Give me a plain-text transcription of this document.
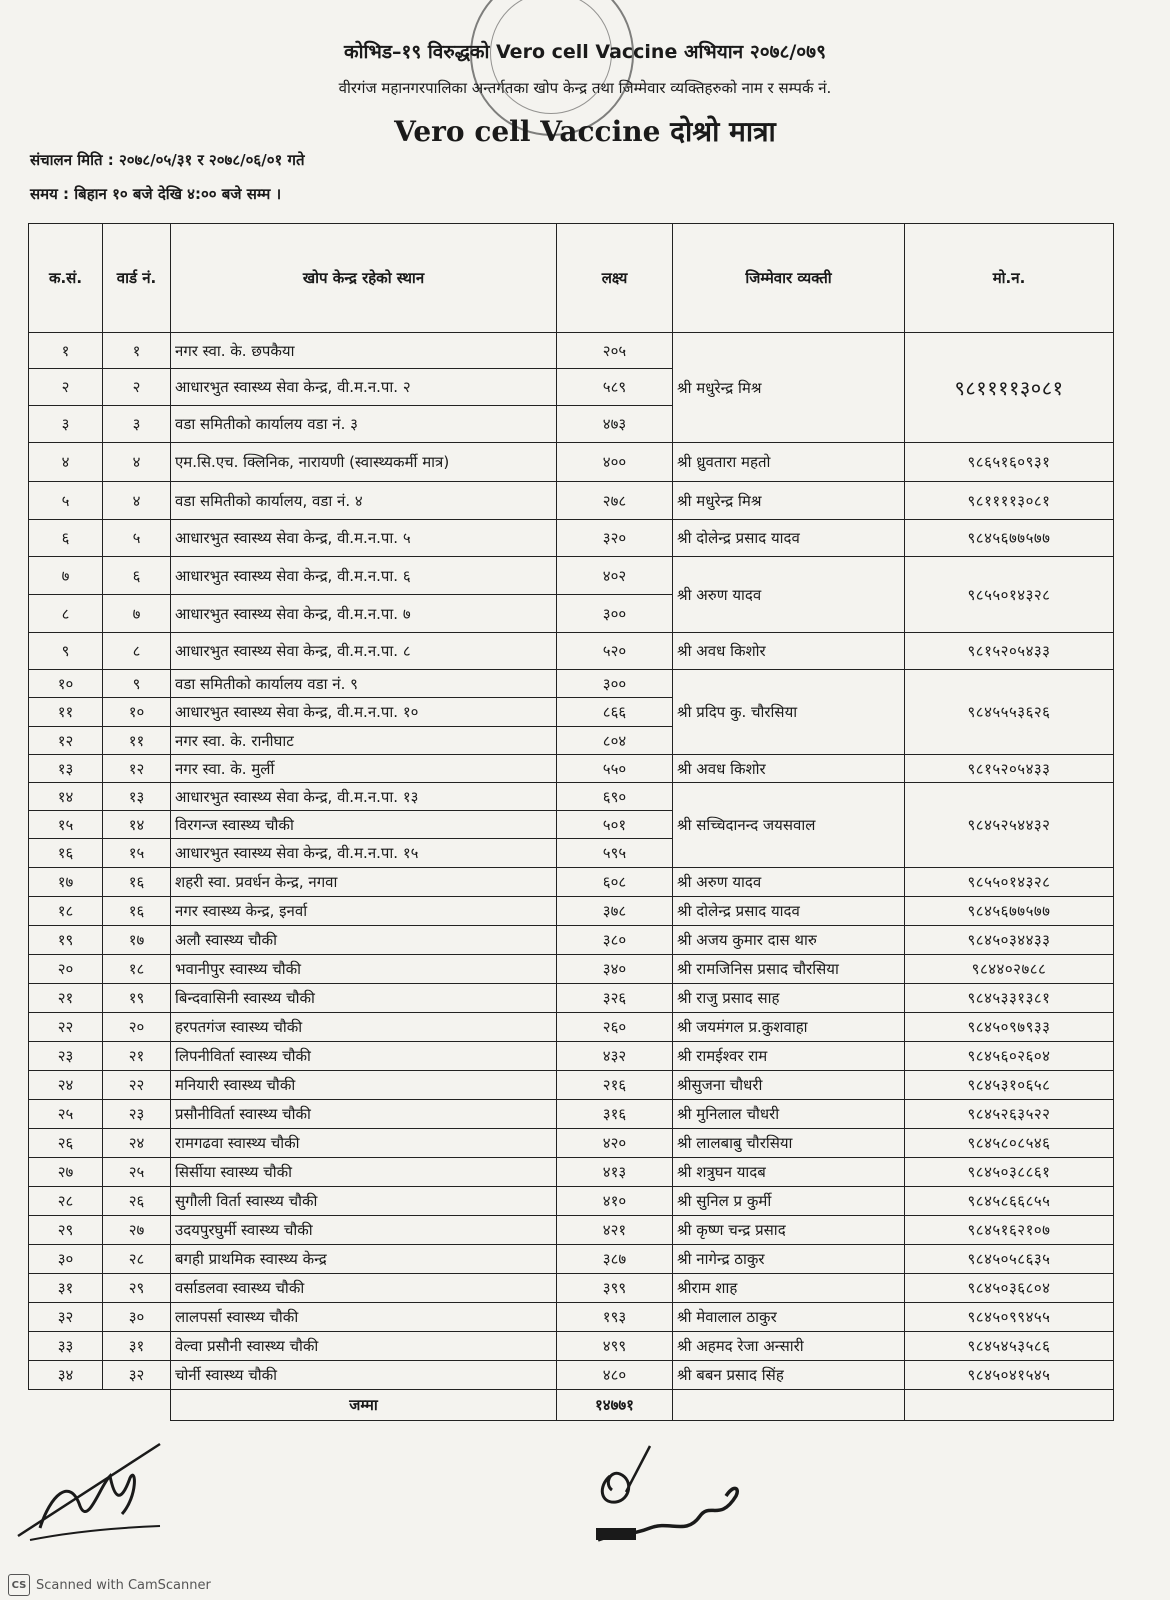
कोभिड–१९ विरुद्धको Vero cell Vaccine अभियान २०७८/०७९
वीरगंज महानगरपालिका अन्तर्गतका खोप केन्द्र तथा जिम्मेवार व्यक्तिहरुको नाम र सम्पर्क नं.
Vero cell Vaccine दोश्रो मात्रा
संचालन मिति : २०७८/०५/३१ र २०७८/०६/०१ गते
समय : बिहान १० बजे देखि ४:०० बजे सम्म ।
क.सं.	वार्ड नं.	खोप केन्द्र रहेको स्थान	लक्ष्य	जिम्मेवार व्यक्ती	मो.न.
१	१	नगर स्वा. के. छपकैया	२०५	श्री मधुरेन्द्र मिश्र	९८११११३०८१
२	२	आधारभुत स्वास्थ्य सेवा केन्द्र, वी.म.न.पा. २	५८९		
३	३	वडा समितीको कार्यालय वडा नं. ३	४७३		
४	४	एम.सि.एच. क्लिनिक, नारायणी (स्वास्थ्यकर्मी मात्र)	४००	श्री ध्रुवतारा महतो	९८६५१६०९३१
५	४	वडा समितीको कार्यालय, वडा नं. ४	२७८	श्री मधुरेन्द्र मिश्र	९८११११३०८१
६	५	आधारभुत स्वास्थ्य सेवा केन्द्र, वी.म.न.पा. ५	३२०	श्री दोलेन्द्र प्रसाद यादव	९८४५६७७५७७
७	६	आधारभुत स्वास्थ्य सेवा केन्द्र, वी.म.न.पा. ६	४०२	श्री अरुण यादव	९८५५०१४३२८
८	७	आधारभुत स्वास्थ्य सेवा केन्द्र, वी.म.न.पा. ७	३००		
९	८	आधारभुत स्वास्थ्य सेवा केन्द्र, वी.म.न.पा. ८	५२०	श्री अवध किशोर	९८१५२०५४३३
१०	९	वडा समितीको कार्यालय वडा नं. ९	३००	श्री प्रदिप कु. चौरसिया	९८४५५५३६२६
११	१०	आधारभुत स्वास्थ्य सेवा केन्द्र, वी.म.न.पा. १०	८६६		
१२	११	नगर स्वा. के. रानीघाट	८०४		
१३	१२	नगर स्वा. के. मुर्ली	५५०	श्री अवध किशोर	९८१५२०५४३३
१४	१३	आधारभुत स्वास्थ्य सेवा केन्द्र, वी.म.न.पा. १३	६९०	श्री सच्चिदानन्द जयसवाल	९८४५२५४४३२
१५	१४	विरगन्ज स्वास्थ्य चौकी	५०१		
१६	१५	आधारभुत स्वास्थ्य सेवा केन्द्र, वी.म.न.पा. १५	५९५		
१७	१६	शहरी स्वा. प्रवर्धन केन्द्र, नगवा	६०८	श्री अरुण यादव	९८५५०१४३२८
१८	१६	नगर स्वास्थ्य केन्द्र, इनर्वा	३७८	श्री दोलेन्द्र प्रसाद यादव	९८४५६७७५७७
१९	१७	अलौ स्वास्थ्य चौकी	३८०	श्री अजय कुमार दास थारु	९८४५०३४४३३
२०	१८	भवानीपुर स्वास्थ्य चौकी	३४०	श्री रामजिनिस प्रसाद चौरसिया	९८४४०२७८८
२१	१९	बिन्दवासिनी स्वास्थ्य चौकी	३२६	श्री राजु प्रसाद साह	९८४५३३१३८१
२२	२०	हरपतगंज स्वास्थ्य चौकी	२६०	श्री जयमंगल प्र.कुशवाहा	९८४५०९७९३३
२३	२१	लिपनीविर्ता स्वास्थ्य चौकी	४३२	श्री रामईश्वर राम	९८४५६०२६०४
२४	२२	मनियारी स्वास्थ्य चौकी	२१६	श्रीसुजना चौधरी	९८४५३१०६५८
२५	२३	प्रसौनीविर्ता स्वास्थ्य चौकी	३१६	श्री मुनिलाल चौधरी	९८४५२६३५२२
२६	२४	रामगढवा स्वास्थ्य चौकी	४२०	श्री लालबाबु चौरसिया	९८४५८०८५४६
२७	२५	सिर्सीया स्वास्थ्य चौकी	४१३	श्री शत्रुघन यादब	९८४५०३८८६१
२८	२६	सुगौली विर्ता स्वास्थ्य चौकी	४१०	श्री सुनिल प्र कुर्मी	९८४५८६६८५५
२९	२७	उदयपुरघुर्मी स्वास्थ्य चौकी	४२१	श्री कृष्ण चन्द्र प्रसाद	९८४५१६२१०७
३०	२८	बगही प्राथमिक स्वास्थ्य केन्द्र	३८७	श्री नागेन्द्र ठाकुर	९८४५०५८६३५
३१	२९	वर्साडलवा स्वास्थ्य चौकी	३९९	श्रीराम शाह	९८४५०३६८०४
३२	३०	लालपर्सा स्वास्थ्य चौकी	१९३	श्री मेवालाल ठाकुर	९८४५०९९४५५
३३	३१	वेल्वा प्रसौनी स्वास्थ्य चौकी	४९९	श्री अहमद रेजा अन्सारी	९८४५४५३५८६
३४	३२	चोर्नी स्वास्थ्य चौकी	४८०	श्री बबन प्रसाद सिंह	९८४५०४१५४५
		जम्मा	१४७७१		
CS Scanned with CamScanner
